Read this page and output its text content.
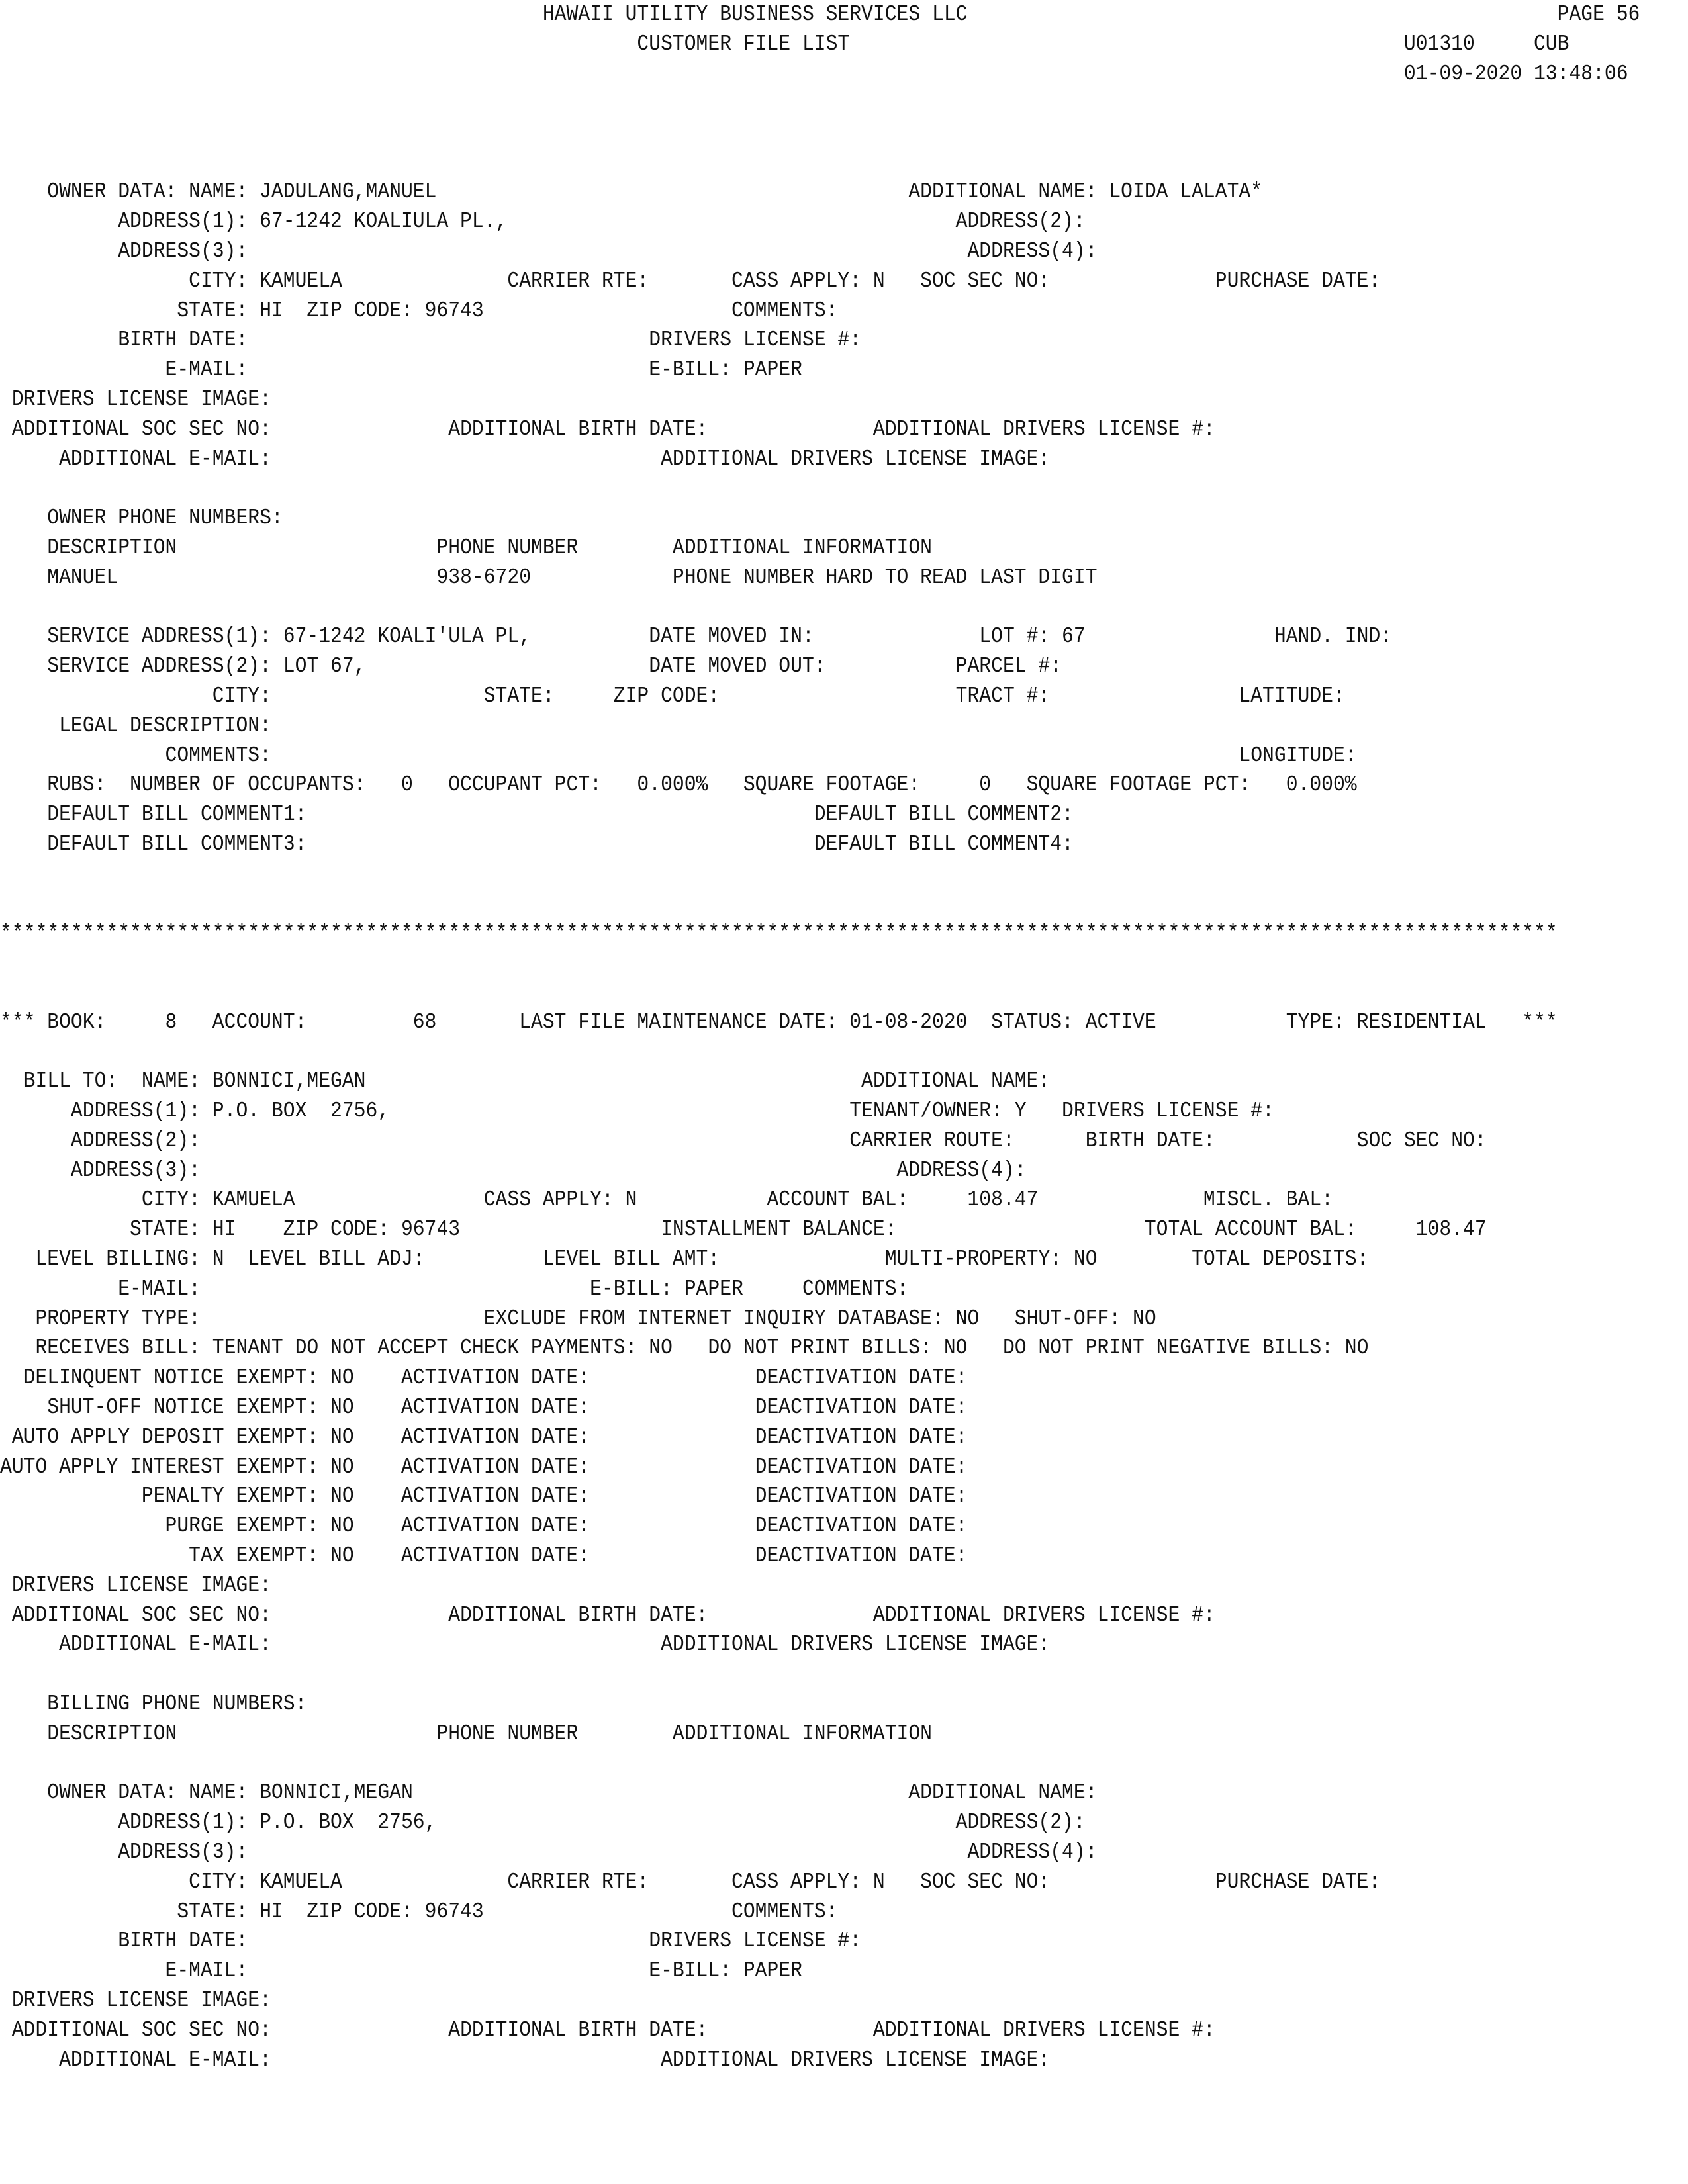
HAWAII UTILITY BUSINESS SERVICES LLC                                                  PAGE 56
CUSTOMER FILE LIST                                               U01310     CUB
01-09-2020 13:48:06

OWNER DATA: NAME: JADULANG,MANUEL                                        ADDITIONAL NAME: LOIDA LALATA*
ADDRESS(1): 67-1242 KOALIULA PL.,                                      ADDRESS(2):
ADDRESS(3):                                                             ADDRESS(4):
CITY: KAMUELA              CARRIER RTE:       CASS APPLY: N   SOC SEC NO:              PURCHASE DATE:
STATE: HI  ZIP CODE: 96743                     COMMENTS:
BIRTH DATE:                                  DRIVERS LICENSE #:
E-MAIL:                                  E-BILL: PAPER
DRIVERS LICENSE IMAGE:
ADDITIONAL SOC SEC NO:               ADDITIONAL BIRTH DATE:              ADDITIONAL DRIVERS LICENSE #:
ADDITIONAL E-MAIL:                                 ADDITIONAL DRIVERS LICENSE IMAGE:

OWNER PHONE NUMBERS:
DESCRIPTION                      PHONE NUMBER        ADDITIONAL INFORMATION
MANUEL                           938-6720            PHONE NUMBER HARD TO READ LAST DIGIT

SERVICE ADDRESS(1): 67-1242 KOALI'ULA PL,          DATE MOVED IN:              LOT #: 67                HAND. IND:
SERVICE ADDRESS(2): LOT 67,                        DATE MOVED OUT:           PARCEL #:
CITY:                  STATE:     ZIP CODE:                    TRACT #:                LATITUDE:
LEGAL DESCRIPTION:
COMMENTS:                                                                                  LONGITUDE:
RUBS:  NUMBER OF OCCUPANTS:   0   OCCUPANT PCT:   0.000%   SQUARE FOOTAGE:     0   SQUARE FOOTAGE PCT:   0.000%
DEFAULT BILL COMMENT1:                                           DEFAULT BILL COMMENT2:
DEFAULT BILL COMMENT3:                                           DEFAULT BILL COMMENT4:

************************************************************************************************************************************

*** BOOK:     8   ACCOUNT:         68       LAST FILE MAINTENANCE DATE: 01-08-2020  STATUS: ACTIVE           TYPE: RESIDENTIAL   ***

BILL TO:  NAME: BONNICI,MEGAN                                          ADDITIONAL NAME:
ADDRESS(1): P.O. BOX  2756,                                       TENANT/OWNER: Y   DRIVERS LICENSE #:
ADDRESS(2):                                                       CARRIER ROUTE:      BIRTH DATE:            SOC SEC NO:
ADDRESS(3):                                                           ADDRESS(4):
CITY: KAMUELA                CASS APPLY: N           ACCOUNT BAL:     108.47              MISCL. BAL:
STATE: HI    ZIP CODE: 96743                 INSTALLMENT BALANCE:                     TOTAL ACCOUNT BAL:     108.47
LEVEL BILLING: N  LEVEL BILL ADJ:          LEVEL BILL AMT:              MULTI-PROPERTY: NO        TOTAL DEPOSITS:
E-MAIL:                                 E-BILL: PAPER     COMMENTS:
PROPERTY TYPE:                        EXCLUDE FROM INTERNET INQUIRY DATABASE: NO   SHUT-OFF: NO
RECEIVES BILL: TENANT DO NOT ACCEPT CHECK PAYMENTS: NO   DO NOT PRINT BILLS: NO   DO NOT PRINT NEGATIVE BILLS: NO
DELINQUENT NOTICE EXEMPT: NO    ACTIVATION DATE:              DEACTIVATION DATE:
SHUT-OFF NOTICE EXEMPT: NO    ACTIVATION DATE:              DEACTIVATION DATE:
AUTO APPLY DEPOSIT EXEMPT: NO    ACTIVATION DATE:              DEACTIVATION DATE:
AUTO APPLY INTEREST EXEMPT: NO    ACTIVATION DATE:              DEACTIVATION DATE:
PENALTY EXEMPT: NO    ACTIVATION DATE:              DEACTIVATION DATE:
PURGE EXEMPT: NO    ACTIVATION DATE:              DEACTIVATION DATE:
TAX EXEMPT: NO    ACTIVATION DATE:              DEACTIVATION DATE:
DRIVERS LICENSE IMAGE:
ADDITIONAL SOC SEC NO:               ADDITIONAL BIRTH DATE:              ADDITIONAL DRIVERS LICENSE #:
ADDITIONAL E-MAIL:                                 ADDITIONAL DRIVERS LICENSE IMAGE:

BILLING PHONE NUMBERS:
DESCRIPTION                      PHONE NUMBER        ADDITIONAL INFORMATION

OWNER DATA: NAME: BONNICI,MEGAN                                          ADDITIONAL NAME:
ADDRESS(1): P.O. BOX  2756,                                            ADDRESS(2):
ADDRESS(3):                                                             ADDRESS(4):
CITY: KAMUELA              CARRIER RTE:       CASS APPLY: N   SOC SEC NO:              PURCHASE DATE:
STATE: HI  ZIP CODE: 96743                     COMMENTS:
BIRTH DATE:                                  DRIVERS LICENSE #:
E-MAIL:                                  E-BILL: PAPER
DRIVERS LICENSE IMAGE:
ADDITIONAL SOC SEC NO:               ADDITIONAL BIRTH DATE:              ADDITIONAL DRIVERS LICENSE #:
ADDITIONAL E-MAIL:                                 ADDITIONAL DRIVERS LICENSE IMAGE:
